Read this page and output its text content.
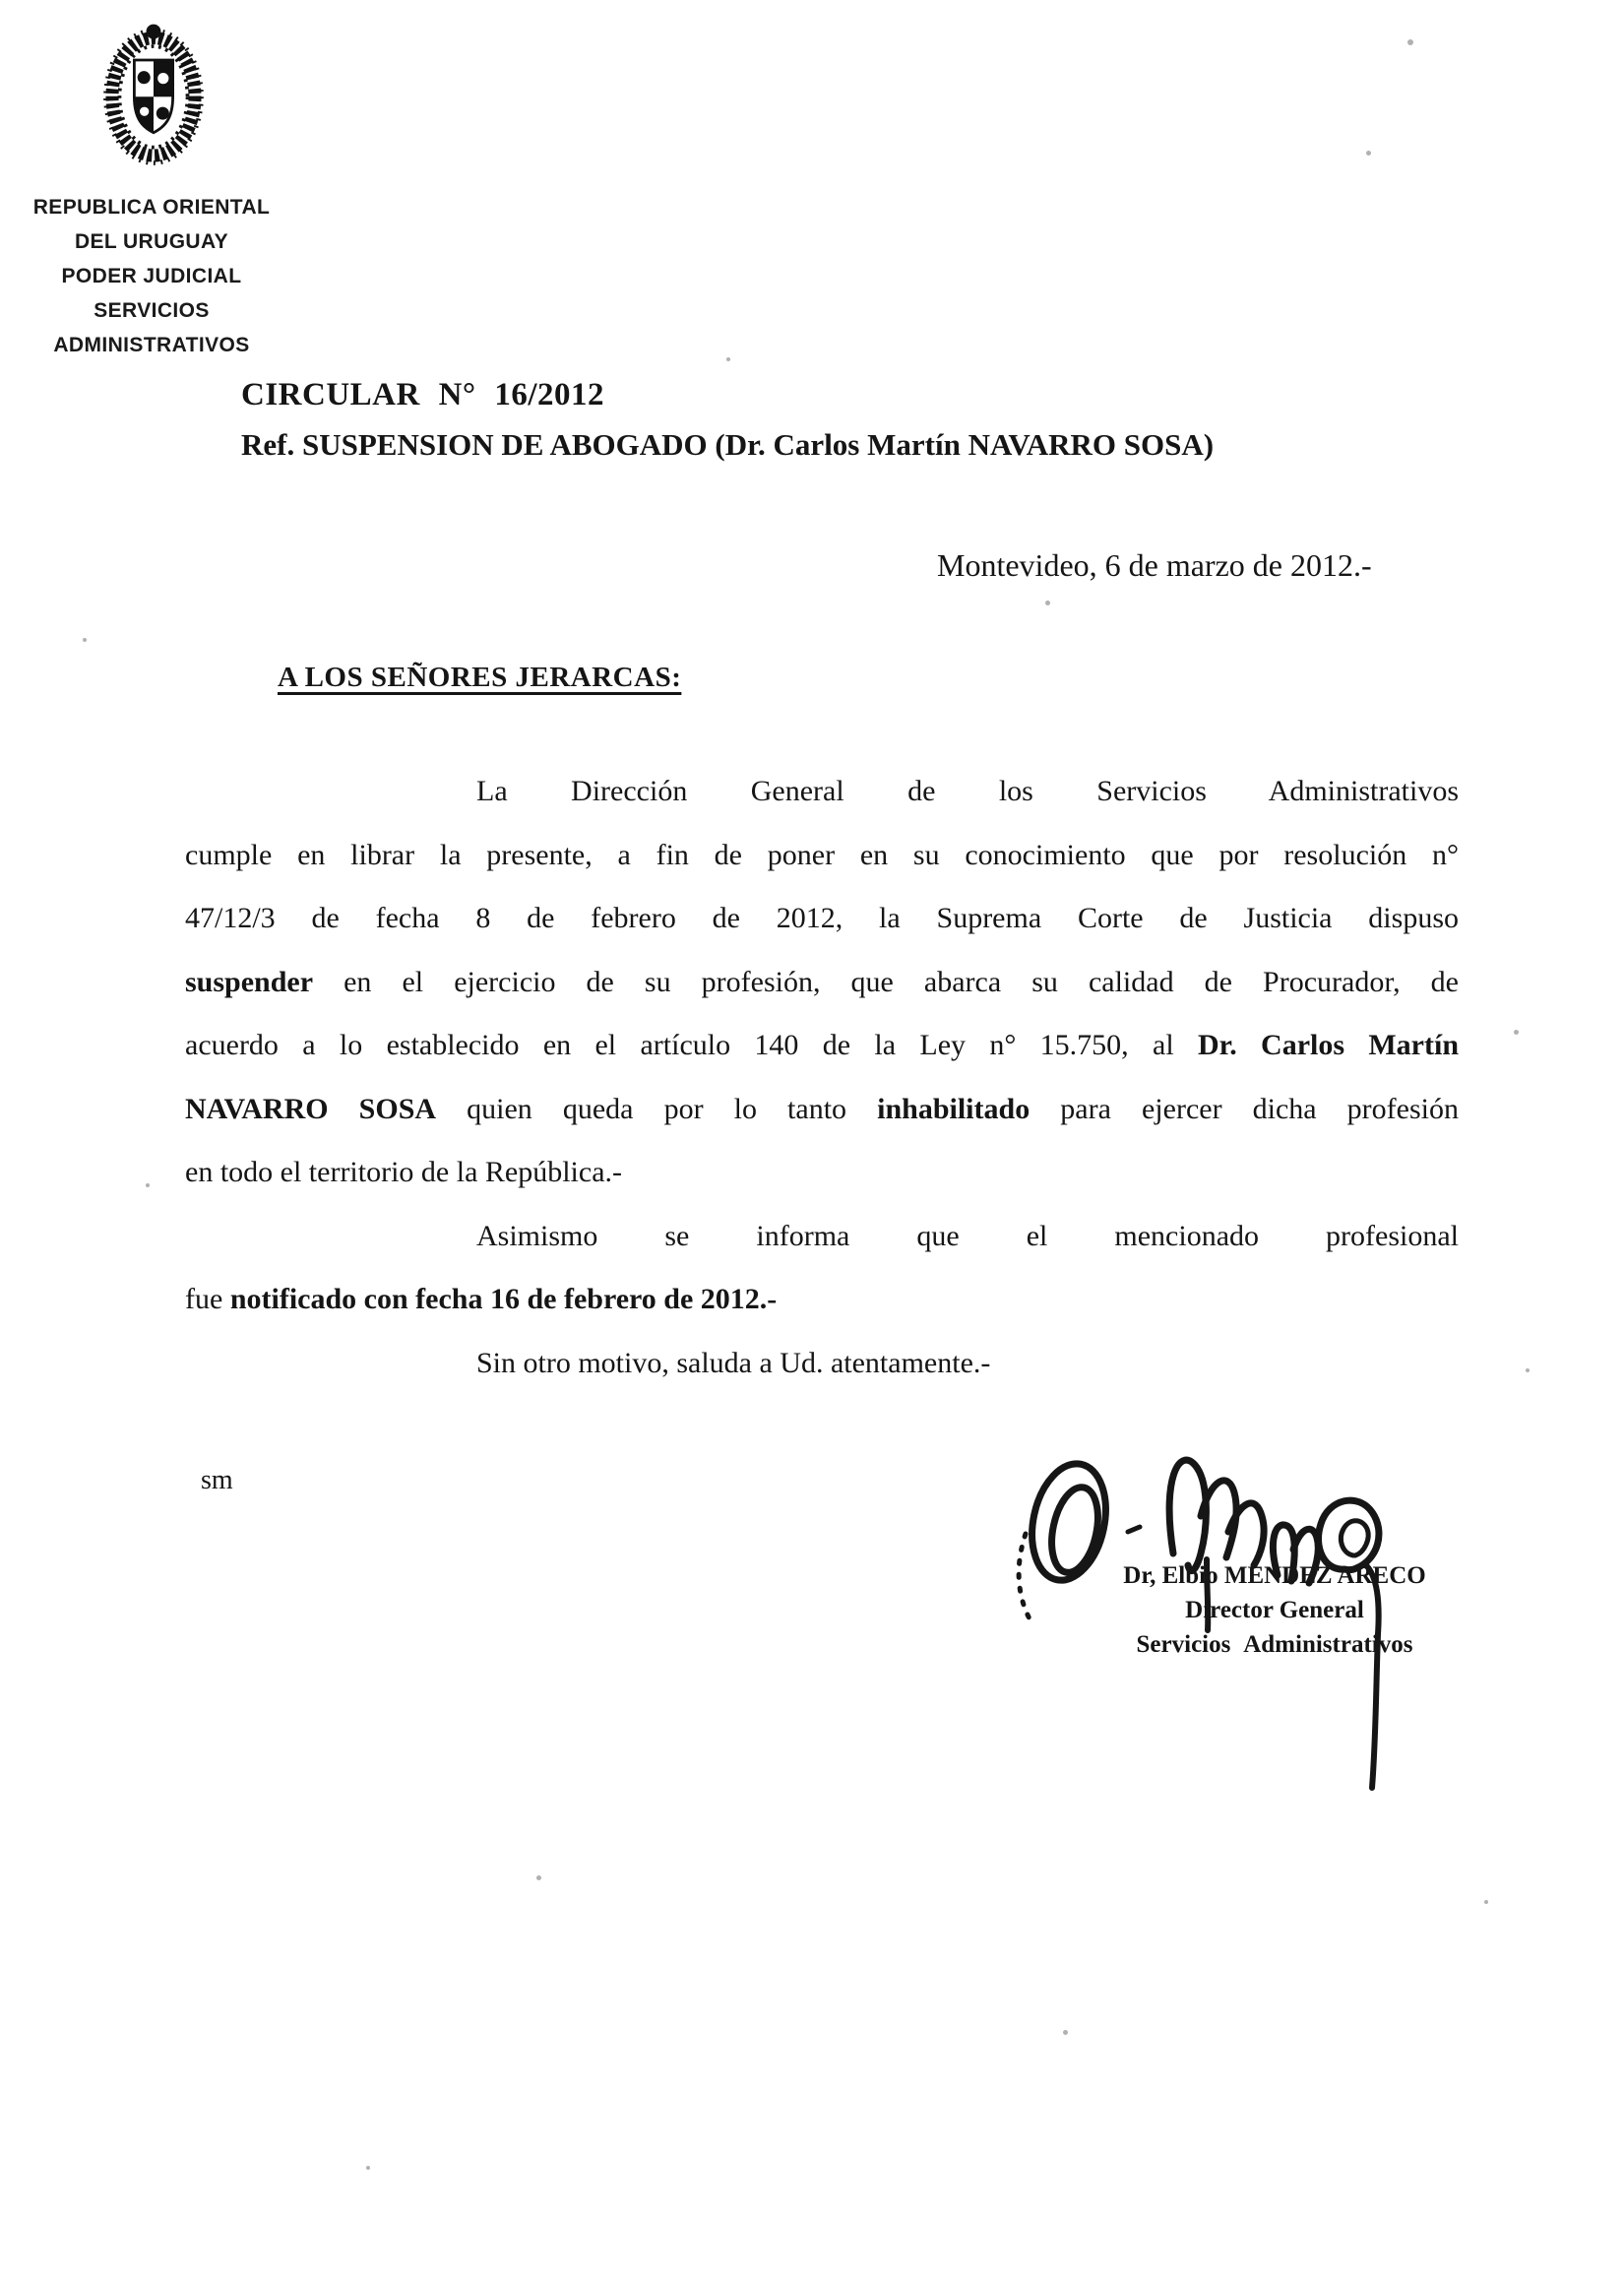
REPUBLICA ORIENTAL
DEL URUGUAY
PODER JUDICIAL
SERVICIOS
ADMINISTRATIVOS
CIRCULAR N° 16/2012
Ref. SUSPENSION DE ABOGADO (Dr. Carlos Martín NAVARRO SOSA)
Montevideo, 6 de marzo de 2012.-
A LOS SEÑORES JERARCAS:
La Dirección General de los Servicios Administrativos
cumple en librar la presente, a fin de poner en su conocimiento que por resolución n°
47/12/3 de fecha 8 de febrero de 2012, la Suprema Corte de Justicia dispuso
suspender en el ejercicio de su profesión, que abarca su calidad de Procurador, de
acuerdo a lo establecido en el artículo 140 de la Ley n° 15.750, al Dr. Carlos Martín
NAVARRO SOSA quien queda por lo tanto inhabilitado para ejercer dicha profesión
en todo el territorio de la República.-
Asimismo se informa que el mencionado profesional
fue notificado con fecha 16 de febrero de 2012.-
Sin otro motivo, saluda a Ud. atentamente.-
sm
Dr, Elbio MENDEZ ARECO
Director General
Servicios Administrativos
